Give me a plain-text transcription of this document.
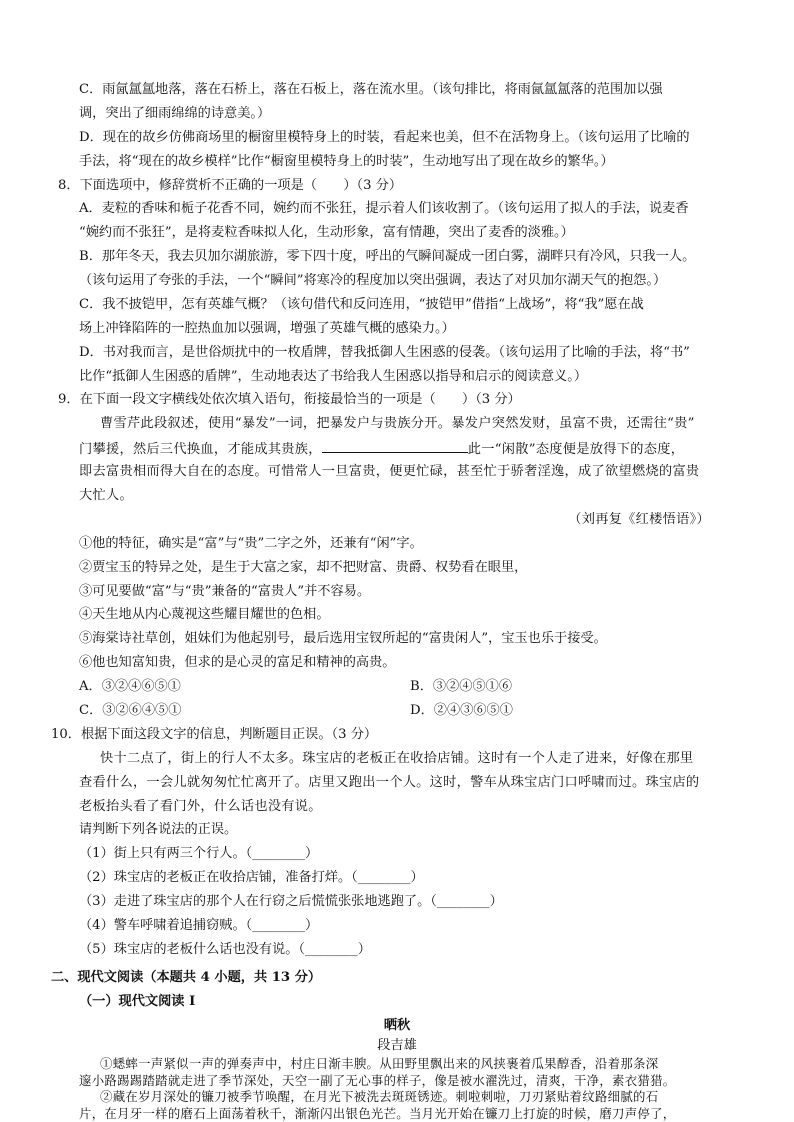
C．雨氤氲氲地落，落在石桥上，落在石板上，落在流水里。（该句排比，将雨氤氲氲落的范围加以强
调，突出了细雨绵绵的诗意美。）
D．现在的故乡仿佛商场里的橱窗里模特身上的时装，看起来也美，但不在活物身上。（该句运用了比喻的
手法，将“现在的故乡模样”比作“橱窗里模特身上的时装”，生动地写出了现在故乡的繁华。）
8．下面选项中，修辞赏析不正确的一项是（　　）（3 分）
A．麦粒的香味和栀子花香不同，婉约而不张狂，提示着人们该收割了。（该句运用了拟人的手法，说麦香
“婉约而不张狂”，是将麦粒香味拟人化，生动形象，富有情趣，突出了麦香的淡雅。）
B．那年冬天，我去贝加尔湖旅游，零下四十度，呼出的气瞬间凝成一团白雾，湖畔只有冷风，只我一人。
（该句运用了夸张的手法，一个“瞬间”将寒冷的程度加以突出强调，表达了对贝加尔湖天气的抱怨。）
C．我不披铠甲，怎有英雄气概？（该句借代和反问连用，“披铠甲”借指“上战场”，将“我”愿在战
场上冲锋陷阵的一腔热血加以强调，增强了英雄气概的感染力。）
D．书对我而言，是世俗烦扰中的一枚盾牌，替我抵御人生困惑的侵袭。（该句运用了比喻的手法，将“书”
比作“抵御人生困惑的盾牌”，生动地表达了书给我人生困惑以指导和启示的阅读意义。）
9．在下面一段文字横线处依次填入语句，衔接最恰当的一项是（　　）（3 分）
曹雪芹此段叙述，使用“暴发”一词，把暴发户与贵族分开。暴发户突然发财，虽富不贵，还需往“贵”
门攀援，然后三代换血，才能成其贵族，	此一“闲散”态度便是放得下的态度，
即去富贵相而得大自在的态度。可惜常人一旦富贵，便更忙碌，甚至忙于骄奢淫逸，成了欲望燃烧的富贵
大忙人。
（刘再复《红楼悟语》）
①他的特征，确实是“富”与“贵”二字之外，还兼有“闲”字。
②贾宝玉的特异之处，是生于大富之家，却不把财富、贵爵、权势看在眼里，
③可见要做“富”与“贵”兼备的“富贵人”并不容易。
④天生地从内心蔑视这些耀目耀世的色相。
⑤海棠诗社草创，姐妹们为他起别号，最后选用宝钗所起的“富贵闲人”，宝玉也乐于接受。
⑥他也知富知贵，但求的是心灵的富足和精神的高贵。
A．③②④⑥⑤①	B．③②④⑤①⑥
C．③②⑥④⑤①	D．②④③⑥⑤①
10．根据下面这段文字的信息，判断题目正误。（3 分）
快十二点了，街上的行人不太多。珠宝店的老板正在收拾店铺。这时有一个人走了进来，好像在那里
查看什么，一会儿就匆匆忙忙离开了。店里又跑出一个人。这时，警车从珠宝店门口呼啸而过。珠宝店的
老板抬头看了看门外，什么话也没有说。
请判断下列各说法的正误。
（1）街上只有两三个行人。（________）
（2）珠宝店的老板正在收拾店铺，准备打烊。（________）
（3）走进了珠宝店的那个人在行窃之后慌慌张张地逃跑了。（________）
（4）警车呼啸着追捕窃贼。（________）
（5）珠宝店的老板什么话也没有说。（________）
二、现代文阅读（本题共 4 小题，共 13 分）
（一）现代文阅读 I
晒秋
段吉雄
①蟋蟀一声紧似一声的弹奏声中，村庄日渐丰腴。从田野里飘出来的风挟裹着瓜果醇香，沿着那条深
邃小路踢踢踏踏就走进了季节深处，天空一副了无心事的样子，像是被水濯洗过，清爽，干净，素衣猎猎。
②藏在岁月深处的镰刀被季节唤醒，在月光下被洗去斑斑锈迹。刺啦刺啦，刀刃紧贴着纹路细腻的石
片，在月牙一样的磨石上面荡着秋千，渐渐闪出银色光芒。当月光开始在镰刀上打旋的时候，磨刀声停了，
